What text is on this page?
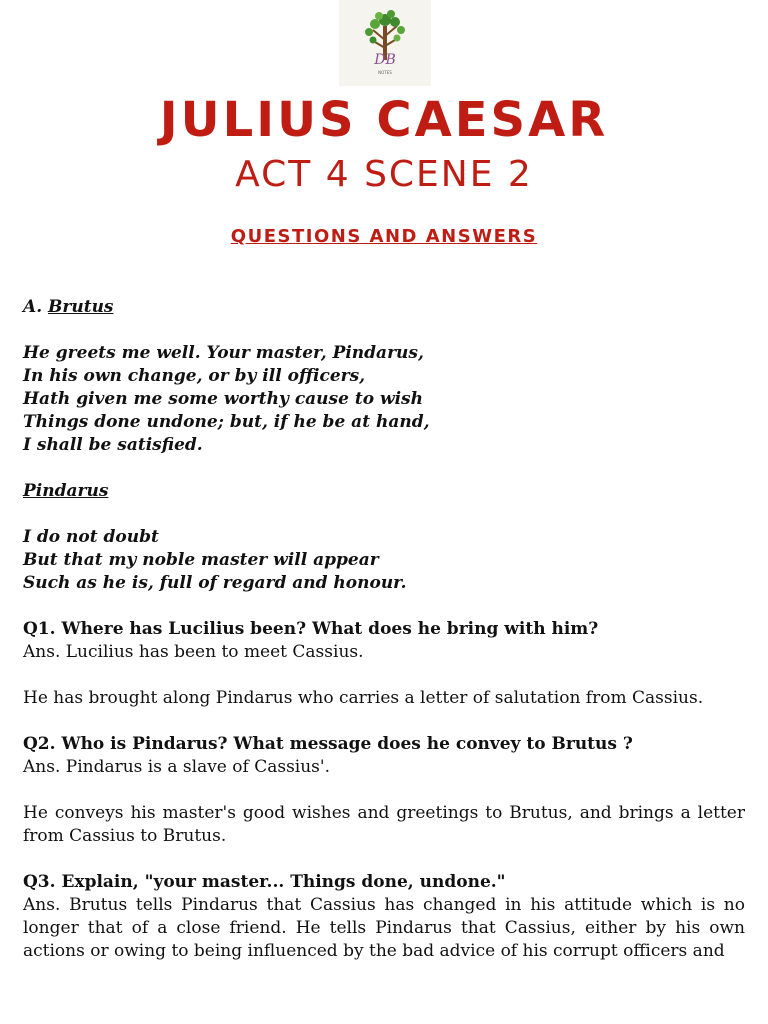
DB
NOTES
JULIUS CAESAR
ACT 4 SCENE 2
QUESTIONS AND ANSWERS

A. Brutus

He greets me well. Your master, Pindarus,

In his own change, or by ill officers,

Hath given me some worthy cause to wish

Things done undone; but, if he be at hand,

I shall be satisfied.

Pindarus

I do not doubt

But that my noble master will appear

Such as he is, full of regard and honour.

Q1. Where has Lucilius been? What does he bring with him?

Ans. Lucilius has been to meet Cassius.

He has brought along Pindarus who carries a letter of salutation from Cassius.

Q2. Who is Pindarus? What message does he convey to Brutus ?

Ans. Pindarus is a slave of Cassius'.

He conveys his master's good wishes and greetings to Brutus, and brings a letter from Cassius to Brutus.

Q3. Explain, "your master... Things done, undone."

Ans. Brutus tells Pindarus that Cassius has changed in his attitude which is no longer that of a close friend. He tells Pindarus that Cassius, either by his own actions or owing to being influenced by the bad advice of his corrupt officers and
